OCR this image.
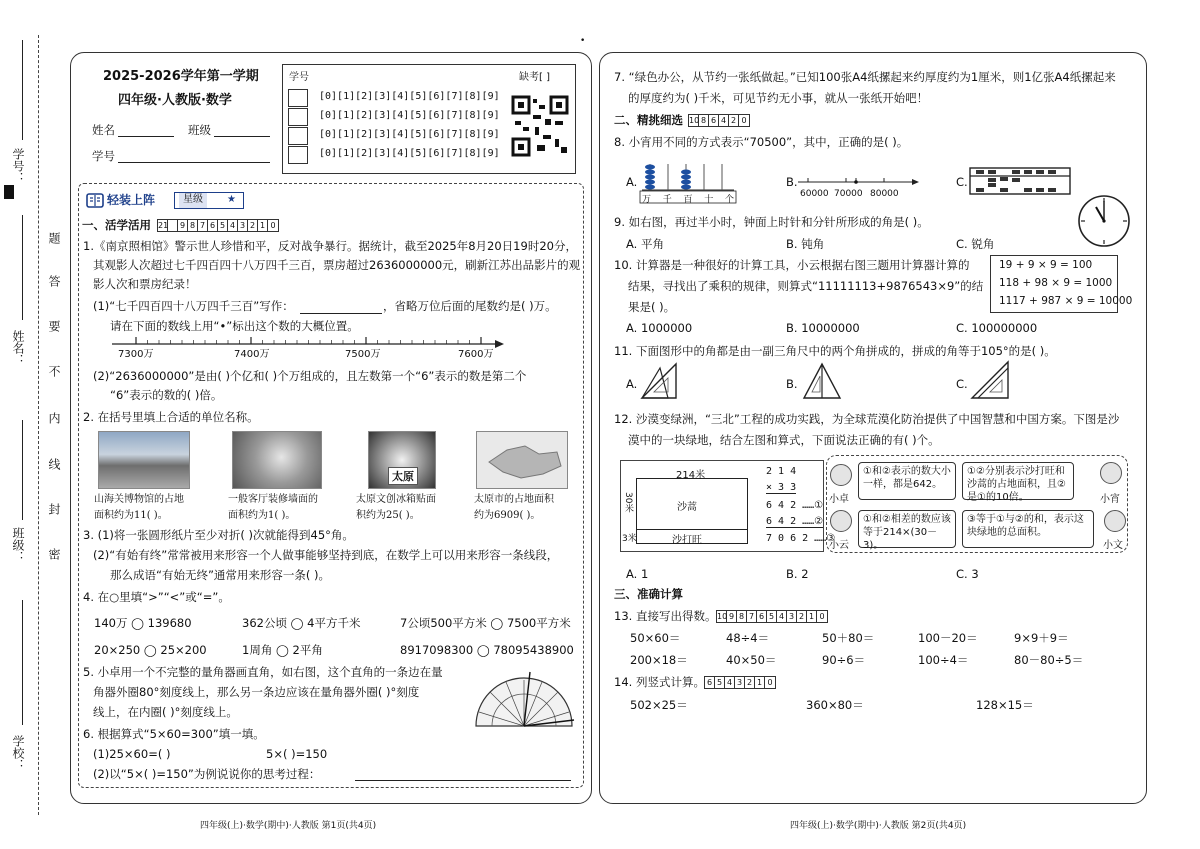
学号：
姓名：
班级：
学校：
题
答
要
不
内
线
封
密
2025-2026学年第一学期
四年级·人教版·数学
姓名	班级
学号
学号	缺考[ ]
[0][1][2][3][4][5][6][7][8][9]
[0][1][2][3][4][5][6][7][8][9]
[0][1][2][3][4][5][6][7][8][9]
[0][1][2][3][4][5][6][7][8][9]
轻装上阵	星级	★
一、活学活用 21 9 8 7 6 5 4 3 2 1 0
1.《南京照相馆》警示世人珍惜和平，反对战争暴行。据统计，截至2025年8月20日19时20分，
其观影人次超过七千四百四十八万四千三百，票房超过2636000000元，刷新江苏出品影片的观
影人次和票房纪录！
(1)“七千四百四十八万四千三百”写作：	，省略万位后面的尾数约是( )万。
请在下面的数线上用“•”标出这个数的大概位置。
7300万	7400万	7500万	7600万
(2)“2636000000”是由( )个亿和( )个万组成的，且左数第一个“6”表示的数是第二个
“6”表示的数的( )倍。
2. 在括号里填上合适的单位名称。
太原
山海关博物馆的占地
面积约为11( )。
一般客厅装修墙面的
面积约为1( )。
太原文创冰箱贴面
积约为25( )。
太原市的占地面积
约为6909( )。
3. (1)将一张圆形纸片至少对折( )次就能得到45°角。
(2)“有始有终”常常被用来形容一个人做事能够坚持到底，在数学上可以用来形容一条线段，
那么成语“有始无终”通常用来形容一条( )。
4. 在○里填“>”“<”或“=”。
140万 ◯ 139680	362公顷 ◯ 4平方千米	7公顷500平方米 ◯ 7500平方米
20×250 ◯ 25×200	1周角 ◯ 2平角	8917098300 ◯ 78095438900
5. 小卓用一个不完整的量角器画直角，如右图，这个直角的一条边在量
角器外圈80°刻度线上，那么另一条边应该在量角器外圈( )°刻度
线上，在内圈( )°刻度线上。
6. 根据算式“5×60=300”填一填。
(1)25×60=( )	5×( )=150
(2)以“5×( )=150”为例说说你的思考过程：
四年级(上)·数学(期中)·人教版 第1页(共4页)
•
7. “绿色办公，从节约一张纸做起。”已知100张A4纸摞起来约厚度约为1厘米，则1亿张A4纸摞起来
的厚度约为( )千米，可见节约无小事，就从一张纸开始吧！
二、精挑细选 10 8 6 4 2 0
8. 小宵用不同的方式表示“70500”，其中，正确的是( )。
A.
万 千 百 十 个
B.
60000 70000 80000
C.
9. 如右图，再过半小时，钟面上时针和分针所形成的角是( )。
A. 平角	B. 钝角	C. 锐角
10. 计算器是一种很好的计算工具，小云根据右图三题用计算器计算的
结果，寻找出了乘积的规律，则算式“11111113+9876543×9”的结
果是( )。
19 + 9 × 9 = 100
118 + 98 × 9 = 1000
1117 + 987 × 9 = 10000
A. 1000000	B. 10000000	C. 100000000
11. 下面图形中的角都是由一副三角尺中的两个角拼成的，拼成的角等于105°的是( )。
A.	B.	C.
12. 沙漠变绿洲，“三北”工程的成功实践，为全球荒漠化防治提供了中国智慧和中国方案。下图是沙
漠中的一块绿地，结合左图和算式，下面说法正确的有( )个。
214米
30米
3米
沙蒿
沙打旺
2 1 4
× 3 3
6 4 2 ……①
6 4 2 ……②
7 0 6 2 ……③
小卓
①和②表示的数大小一样，都是642。
①②分别表示沙打旺和沙蒿的占地面积，且②是①的10倍。	小宵
小云
①和②相差的数应该等于214×(30－3)。
③等于①与②的和，表示这块绿地的总面积。
小文
A. 1	B. 2	C. 3
三、准确计算
13. 直接写出得数。 10 9 8 7 6 5 4 3 2 1 0
50×60＝	48÷4＝	50＋80＝	100－20＝	9×9＋9＝
200×18＝	40×50＝	90÷6＝	100÷4＝	80－80÷5＝
14. 列竖式计算。 6 5 4 3 2 1 0
502×25＝	360×80＝	128×15＝
四年级(上)·数学(期中)·人教版 第2页(共4页)
